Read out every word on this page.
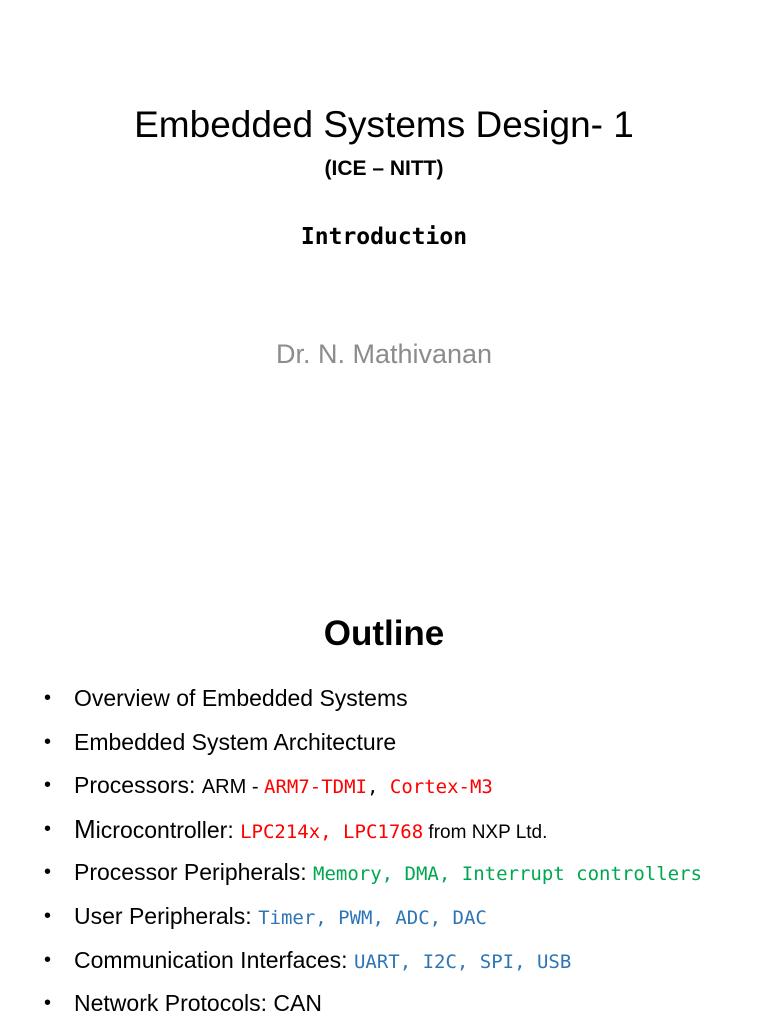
Embedded Systems Design- 1
(ICE – NITT)
Introduction
Dr. N. Mathivanan
Outline
• Overview of Embedded Systems
• Embedded System Architecture
• Processors: ARM - ARM7-TDMI, Cortex-M3
• Microcontroller: LPC214x, LPC1768 from NXP Ltd.
• Processor Peripherals: Memory, DMA, Interrupt controllers
• User Peripherals: Timer, PWM, ADC, DAC
• Communication Interfaces: UART, I2C, SPI, USB
• Network Protocols: CAN
